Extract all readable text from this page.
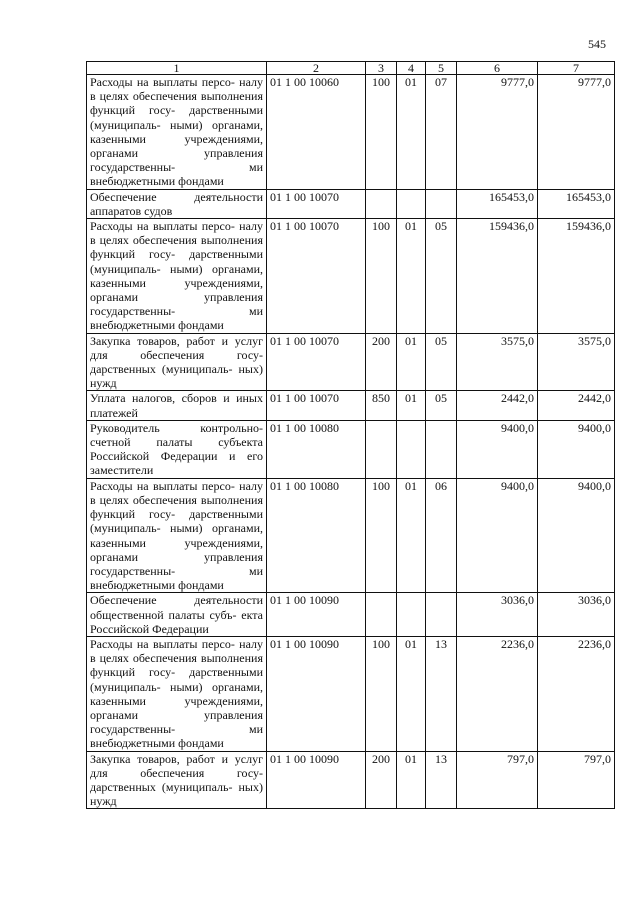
545
1	2	3	4	5	6	7
Расходы на выплаты персо- налу в целях обеспечения выполнения функций госу- дарственными (муниципаль- ными) органами, казенными учреждениями, органами управления государственны- ми внебюджетными фондами	01 1 00 10060	100	01	07	9777,0	9777,0
Обеспечение деятельности аппаратов судов	01 1 00 10070				165453,0	165453,0
Расходы на выплаты персо- налу в целях обеспечения выполнения функций госу- дарственными (муниципаль- ными) органами, казенными учреждениями, органами управления государственны- ми внебюджетными фондами	01 1 00 10070	100	01	05	159436,0	159436,0
Закупка товаров, работ и услуг для обеспечения госу- дарственных (муниципаль- ных) нужд	01 1 00 10070	200	01	05	3575,0	3575,0
Уплата налогов, сборов и иных платежей	01 1 00 10070	850	01	05	2442,0	2442,0
Руководитель контрольно- счетной палаты субъекта Российской Федерации и его заместители	01 1 00 10080				9400,0	9400,0
Расходы на выплаты персо- налу в целях обеспечения выполнения функций госу- дарственными (муниципаль- ными) органами, казенными учреждениями, органами управления государственны- ми внебюджетными фондами	01 1 00 10080	100	01	06	9400,0	9400,0
Обеспечение деятельности общественной палаты субъ- екта Российской Федерации	01 1 00 10090				3036,0	3036,0
Расходы на выплаты персо- налу в целях обеспечения выполнения функций госу- дарственными (муниципаль- ными) органами, казенными учреждениями, органами управления государственны- ми внебюджетными фондами	01 1 00 10090	100	01	13	2236,0	2236,0
Закупка товаров, работ и услуг для обеспечения госу- дарственных (муниципаль- ных) нужд	01 1 00 10090	200	01	13	797,0	797,0
